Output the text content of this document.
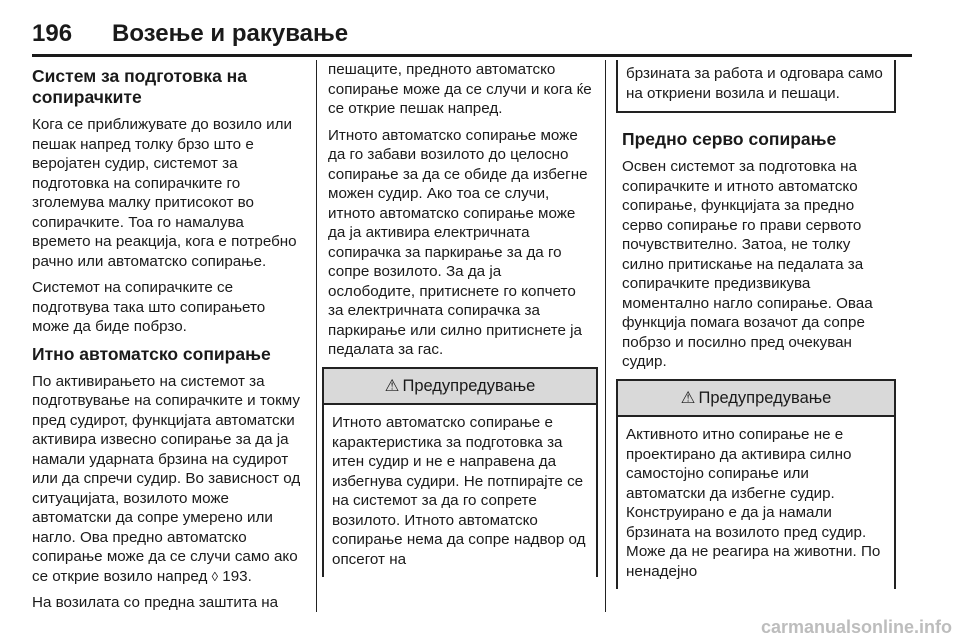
196 Возење и ракување
Систем за подготовка на сопирачките

Кога се приближувате до возило или пешак напред толку брзо што е веројатен судир, системот за подготовка на сопирачките го зголемува малку притисокот во сопирачките. Тоа го намалува времето на реакција, кога е потребно рачно или автоматско сопирање.

Системот на сопирачките се подготвува така што сопирањето може да биде побрзо.

Итно автоматско сопирање

По активирањето на системот за подготвување на сопирачките и токму пред судирот, функцијата автоматски активира извесно сопирање за да ја намали ударната брзина на судирот или да спречи судир. Во зависност од ситуацијата, возилото може автоматски да сопре умерено или нагло. Ова предно автоматско сопирање може да се случи само ако се открие возило напред ◊ 193.

На возилата со предна заштита на

пешаците, предното автоматско сопирање може да се случи и кога ќе се открие пешак напред.

Итното автоматско сопирање може да го забави возилото до целосно сопирање за да се обиде да избегне можен судир. Ако тоа се случи, итното автоматско сопирање може да ја активира електричната сопирачка за паркирање за да го сопре возилото. За да ја ослободите, притиснете го копчето за електричната сопирачка за паркирање или силно притиснете ја педалата за гас.

⚠ Предупредување
Итното автоматско сопирање е карактеристика за подготовка за итен судир и не е направена да избегнува судири. Не потпирајте се на системот за да го сопрете возилото. Итното автоматско сопирање нема да сопре надвор од опсегот на
брзината за работа и одговара само на откриени возила и пешаци.
Предно серво сопирање

Освен системот за подготовка на сопирачките и итното автоматско сопирање, функцијата за предно серво сопирање го прави сервото почувствително. Затоа, не толку силно притискање на педалата за сопирачките предизвикува моментално нагло сопирање. Оваа функција помага возачот да сопре побрзо и посилно пред очекуван судир.

⚠ Предупредување
Активното итно сопирање не е проектирано да активира силно самостојно сопирање или автоматски да избегне судир. Конструирано е да ја намали брзината на возилото пред судир. Може да не реагира на животни. По ненадејно
carmanualsonline.info
